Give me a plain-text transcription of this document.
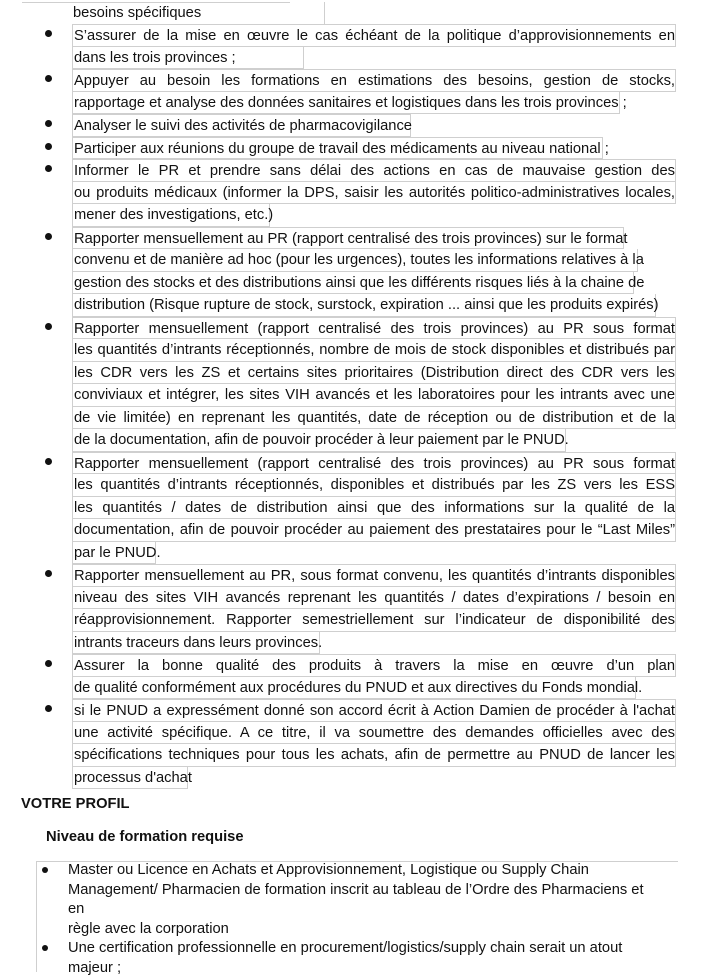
besoins spécifiques
S’assurer de la mise en œuvre le cas échéant de la politique d’approvisionnements en
dans les trois provinces ;
Appuyer au besoin les formations en estimations des besoins, gestion de stocks,
rapportage et analyse des données sanitaires et logistiques dans les trois provinces ;
Analyser le suivi des activités de pharmacovigilance
Participer aux réunions du groupe de travail des médicaments au niveau national ;
Informer le PR et prendre sans délai des actions en cas de mauvaise gestion des
ou produits médicaux (informer la DPS, saisir les autorités politico-administratives locales,
mener des investigations, etc.)
Rapporter mensuellement au PR (rapport centralisé des trois provinces) sur le format
convenu et de manière ad hoc (pour les urgences), toutes les informations relatives à la
gestion des stocks et des distributions ainsi que les différents risques liés à la chaine de
distribution (Risque rupture de stock, surstock, expiration ... ainsi que les produits expirés)
Rapporter mensuellement (rapport centralisé des trois provinces) au PR sous format
les quantités d’intrants réceptionnés, nombre de mois de stock disponibles et distribués par
les CDR vers les ZS et certains sites prioritaires (Distribution direct des CDR vers les
conviviaux et intégrer, les sites VIH avancés et les laboratoires pour les intrants avec une
de vie limitée) en reprenant les quantités, date de réception ou de distribution et de la
de la documentation, afin de pouvoir procéder à leur paiement par le PNUD.
Rapporter mensuellement (rapport centralisé des trois provinces) au PR sous format
les quantités d’intrants réceptionnés, disponibles et distribués par les ZS vers les ESS
les quantités / dates de distribution ainsi que des informations sur la qualité de la
documentation, afin de pouvoir procéder au paiement des prestataires pour le “Last Miles”
par le PNUD.
Rapporter mensuellement au PR, sous format convenu, les quantités d’intrants disponibles
niveau des sites VIH avancés reprenant les quantités / dates d’expirations / besoin en
réapprovisionnement. Rapporter semestriellement sur l’indicateur de disponibilité des
intrants traceurs dans leurs provinces.
Assurer la bonne qualité des produits à travers la mise en œuvre d’un plan
de qualité conformément aux procédures du PNUD et aux directives du Fonds mondial.
si le PNUD a expressément donné son accord écrit à Action Damien de procéder à l'achat
une activité spécifique. A ce titre, il va soumettre des demandes officielles avec des
spécifications techniques pour tous les achats, afin de permettre au PNUD de lancer les
processus d'achat
VOTRE PROFIL
Niveau de formation requise
Master ou Licence en Achats et Approvisionnement, Logistique ou Supply Chain
Management/ Pharmacien de formation inscrit au tableau de l’Ordre des Pharmaciens et en
règle avec la corporation
Une certification professionnelle en procurement/logistics/supply chain serait un atout
majeur ;
